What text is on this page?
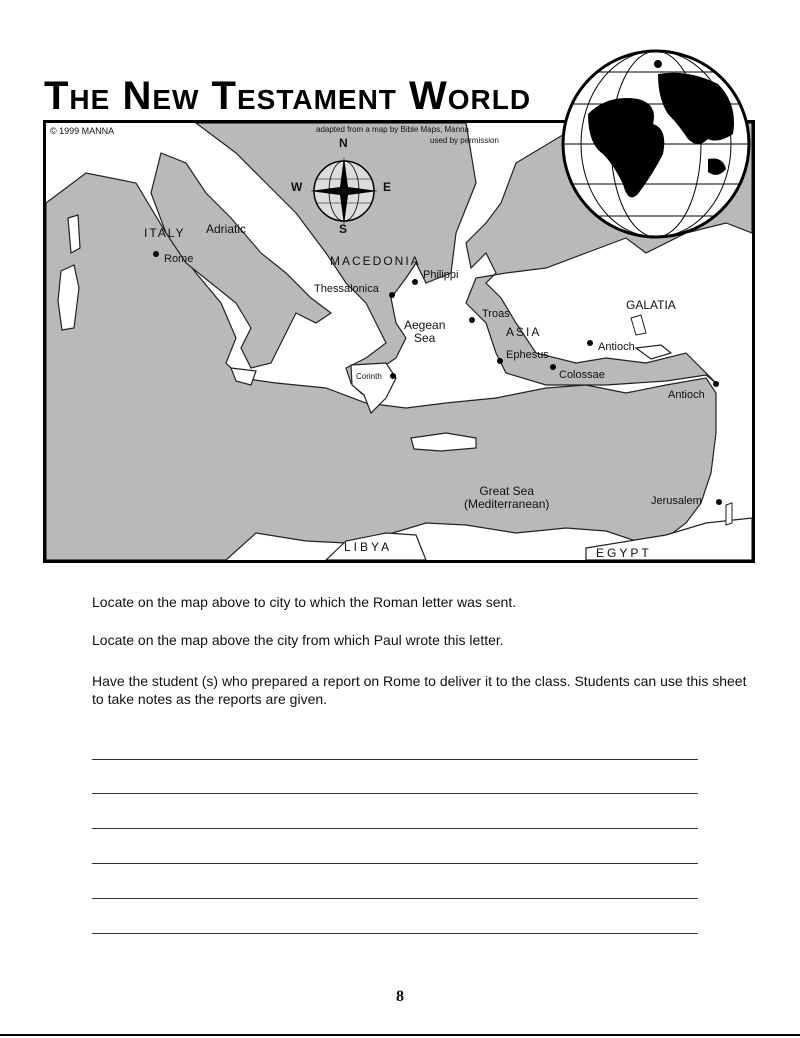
The New Testament World
© 1999 MANNA	adapted from a map by Bible Maps, Manna
used by permission
N
S
W	E
ITALY Adriatic
MACEDONIA
ASIA
GALATIA
LIBYA	EGYPT
Aegean
Sea
Great Sea
(Mediterranean)
Rome
Philippi
Thessalonica
Troas
Ephesus
Antioch
Colossae
Corinth
Antioch
Jerusalem
Locate on the map above to city to which the Roman letter was sent.
Locate on the map above the city from which Paul wrote this letter.
Have the student (s) who prepared a report on Rome to deliver it to the class. Students can use this sheet to take notes as the reports are given.
8
